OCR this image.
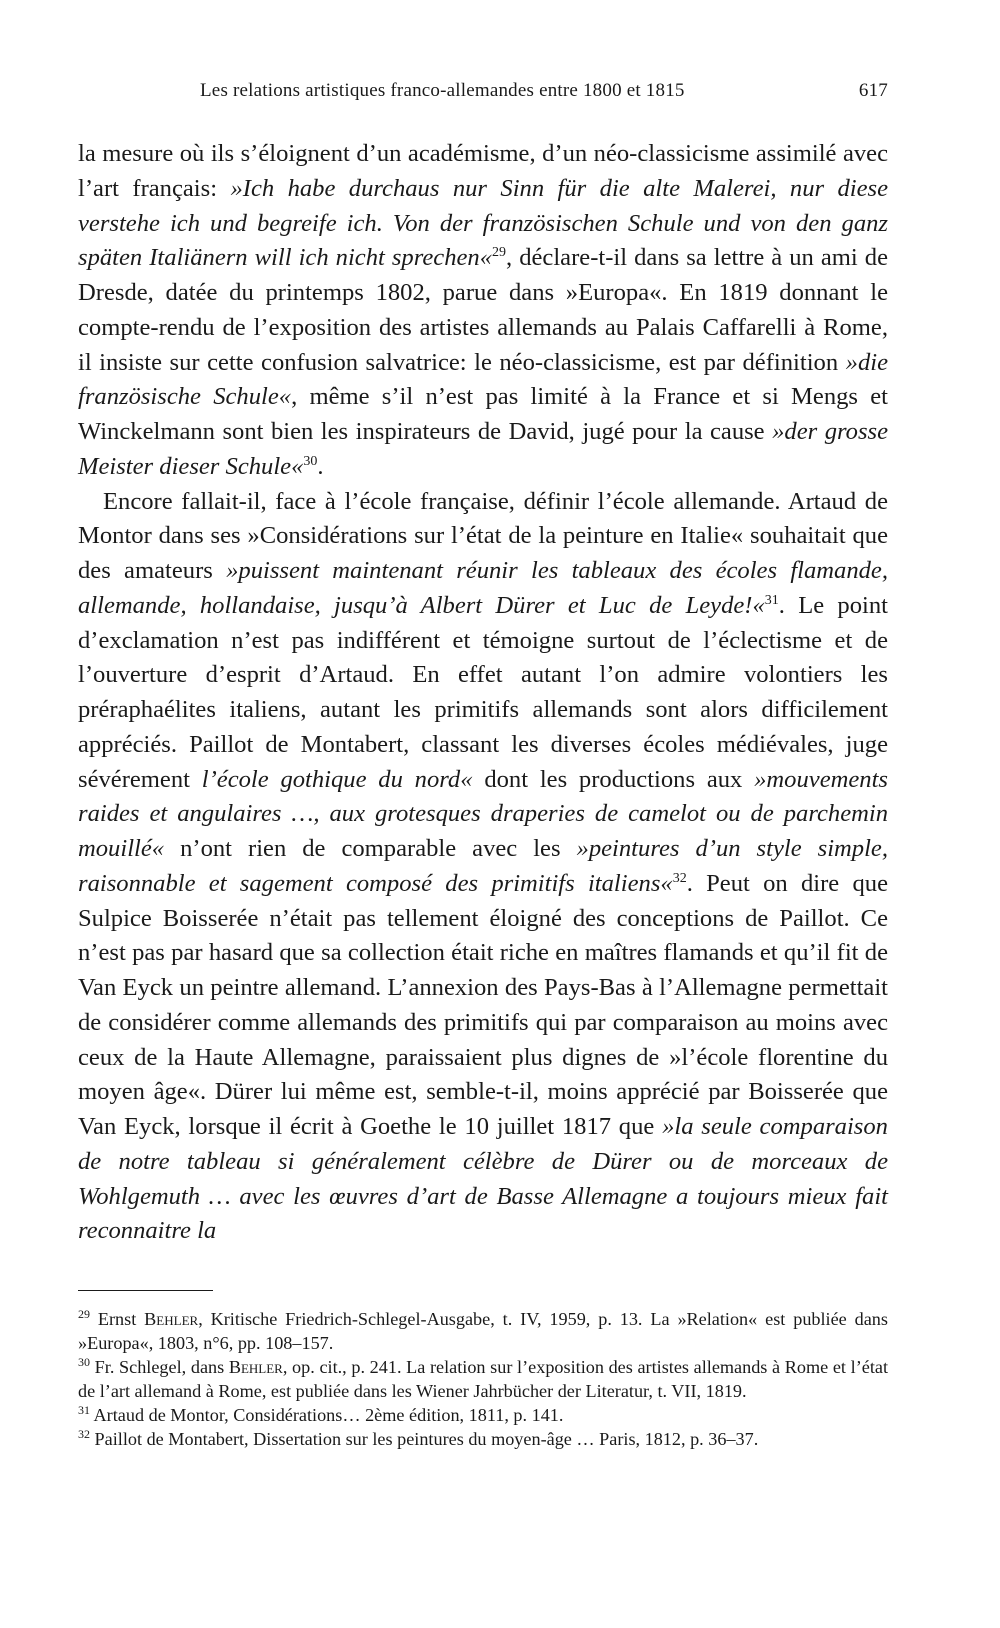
Les relations artistiques franco-allemandes entre 1800 et 1815	617

la mesure où ils s’éloignent d’un académisme, d’un néo-classicisme assimilé avec l’art français: »Ich habe durchaus nur Sinn für die alte Malerei, nur diese verstehe ich und begreife ich. Von der französischen Schule und von den ganz späten Italiänern will ich nicht sprechen«$^{29}$, déclare-t-il dans sa lettre à un ami de Dresde, datée du printemps 1802, parue dans »Europa«. En 1819 donnant le compte-rendu de l’exposition des artistes allemands au Palais Caffarelli à Rome, il insiste sur cette confusion salvatrice: le néo-classicisme, est par définition »die französische Schule«, même s’il n’est pas limité à la France et si Mengs et Winckelmann sont bien les inspirateurs de David, jugé pour la cause »der grosse Meister dieser Schule«$^{30}$.

Encore fallait-il, face à l’école française, définir l’école allemande. Artaud de Montor dans ses »Considérations sur l’état de la peinture en Italie« souhaitait que des amateurs »puissent maintenant réunir les tableaux des écoles flamande, allemande, hollandaise, jusqu’à Albert Dürer et Luc de Leyde!«$^{31}$. Le point d’exclamation n’est pas indifférent et témoigne surtout de l’éclectisme et de l’ouverture d’esprit d’Artaud. En effet autant l’on admire volontiers les préraphaélites italiens, autant les primitifs allemands sont alors difficilement appréciés. Paillot de Montabert, classant les diverses écoles médiévales, juge sévérement l’école gothique du nord« dont les productions aux »mouvements raides et angulaires …, aux grotesques draperies de camelot ou de parchemin mouillé« n’ont rien de comparable avec les »peintures d’un style simple, raisonnable et sagement composé des primitifs italiens«$^{32}$. Peut on dire que Sulpice Boisserée n’était pas tellement éloigné des conceptions de Paillot. Ce n’est pas par hasard que sa collection était riche en maîtres flamands et qu’il fit de Van Eyck un peintre allemand. L’annexion des Pays-Bas à l’Allemagne permettait de considérer comme allemands des primitifs qui par comparaison au moins avec ceux de la Haute Allemagne, paraissaient plus dignes de »l’école florentine du moyen âge«. Dürer lui même est, semble-t-il, moins apprécié par Boisserée que Van Eyck, lorsque il écrit à Goethe le 10 juillet 1817 que »la seule comparaison de notre tableau si généralement célèbre de Dürer ou de morceaux de Wohlgemuth … avec les œuvres d’art de Basse Allemagne a toujours mieux fait reconnaitre la

$^{29}$ Ernst Behler, Kritische Friedrich-Schlegel-Ausgabe, t. IV, 1959, p. 13. La »Relation« est publiée dans »Europa«, 1803, n°6, pp. 108–157.

$^{30}$ Fr. Schlegel, dans Behler, op. cit., p. 241. La relation sur l’exposition des artistes allemands à Rome et l’état de l’art allemand à Rome, est publiée dans les Wiener Jahrbücher der Literatur, t. VII, 1819.

$^{31}$ Artaud de Montor, Considérations… 2ème édition, 1811, p. 141.

$^{32}$ Paillot de Montabert, Dissertation sur les peintures du moyen-âge … Paris, 1812, p. 36–37.
